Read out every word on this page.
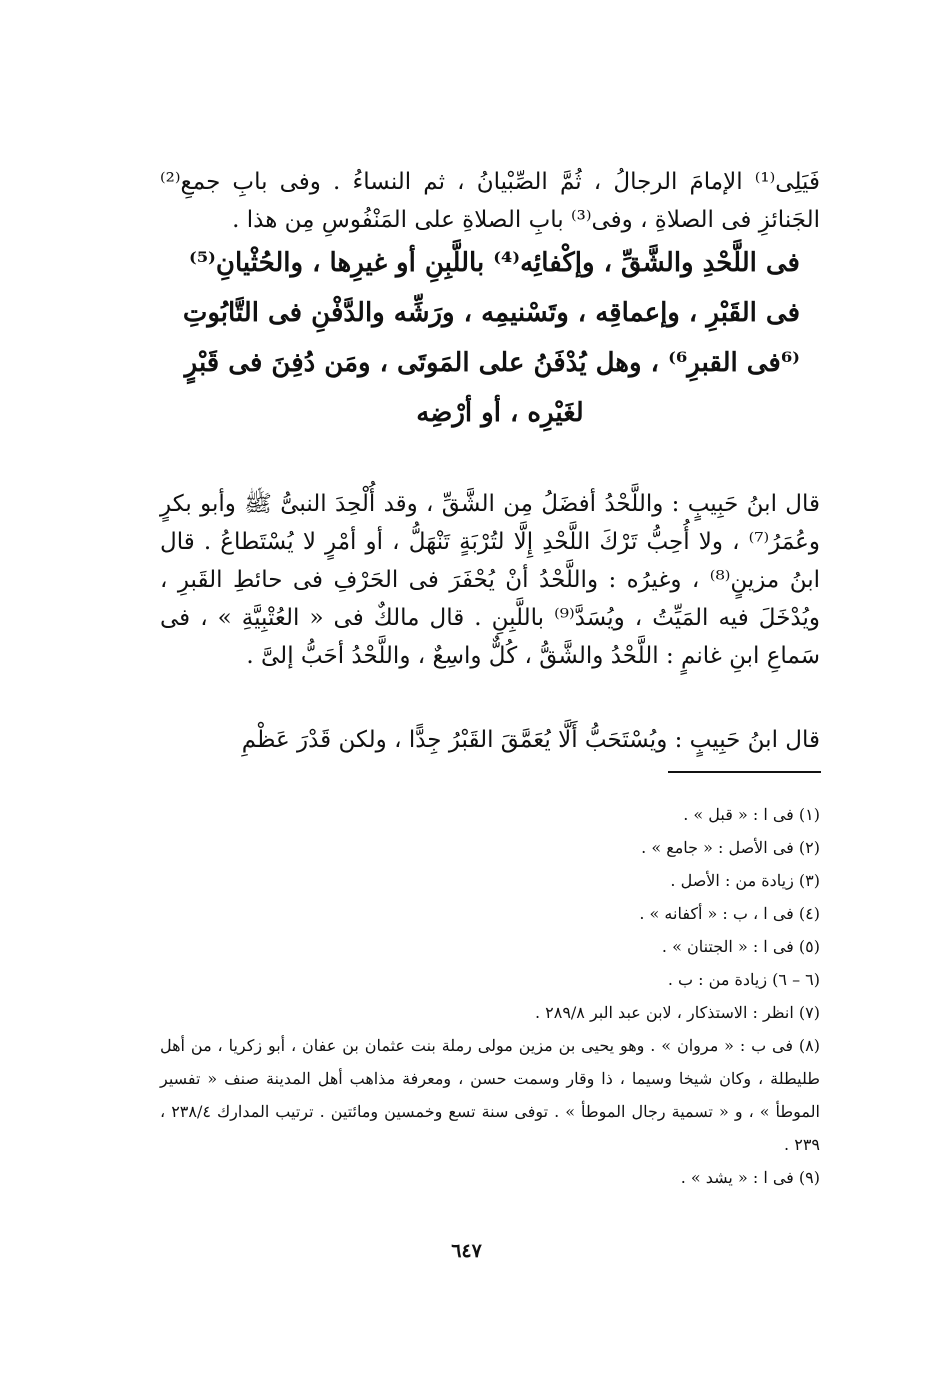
فَيَلِى⁽¹⁾ الإمامَ الرجالُ ، ثُمَّ الصِّبْيانُ ، ثم النساءُ . وفى بابِ جمعِ⁽²⁾ الجَنائزِ فى الصلاةِ ، وفى⁽³⁾ بابِ الصلاةِ على المَنْفُوسِ مِن هذا .

فى اللَّحْدِ والشَّقِّ ، وإكْفائِه⁽⁴⁾ باللَّبِنِ أو غيرِها ، والحُثْيانِ⁽⁵⁾
فى القَبْرِ ، وإعماقِه ، وتَسْنيمِه ، ورَشِّه والدَّفْنِ فى التَّابُوتِ
⁽⁶فى القبرِ⁶⁾ ، وهل يُدْفَنُ على المَوتَى ، ومَن دُفِنَ فى قَبْرٍ
لغَيْرِه ، أو أرْضِه

قال ابنُ حَبِيبٍ : واللَّحْدُ أفضَلُ مِن الشَّقِّ ، وقد أُلْحِدَ النبىُّ ﷺ وأبو بكرٍ وعُمَرُ⁽⁷⁾ ، ولا أُحِبُّ تَرْكَ اللَّحْدِ إِلَّا لتُرْبَةٍ تَنْهَلُّ ، أو أمْرٍ لا يُسْتَطاعُ . قال ابنُ مزينٍ⁽⁸⁾ ، وغيرُه : واللَّحْدُ أنْ يُحْفَرَ فى الحَرْفِ فى حائطِ القَبرِ ، ويُدْخَلَ فيه المَيِّتُ ، ويُسَدَّ⁽⁹⁾ باللَّبِنِ . قال مالكٌ فى « العُتْبِيَّةِ » ، فى سَماعِ ابنِ غانمٍ : اللَّحْدُ والشَّقُّ ، كُلٌّ واسِعٌ ، واللَّحْدُ أحَبُّ إلىَّ .

قال ابنُ حَبِيبٍ : ويُسْتَحَبُّ أَلَّا يُعَمَّقَ القَبْرُ جِدًّا ، ولكن قَدْرَ عَظْمِ

(١) فى ا : « قبل » .
(٢) فى الأصل : « جامع » .
(٣) زيادة من : الأصل .
(٤) فى ا ، ب : « أكفانه » .
(٥) فى ا : « الجتنان » .
(٦ – ٦) زيادة من : ب .
(٧) انظر : الاستذكار ، لابن عبد البر ٢٨٩/٨ .
(٨) فى ب : « مروان » . وهو يحيى بن مزين مولى رملة بنت عثمان بن عفان ، أبو زكريا ، من أهل طليطلة ، وكان شيخا وسيما ، ذا وقار وسمت حسن ، ومعرفة مذاهب أهل المدينة صنف « تفسير الموطأ » ، و « تسمية رجال الموطأ » . توفى سنة تسع وخمسين ومائتين . ترتيب المدارك ٢٣٨/٤ ، ٢٣٩ .
(٩) فى ا : « يشد » .
٦٤٧
